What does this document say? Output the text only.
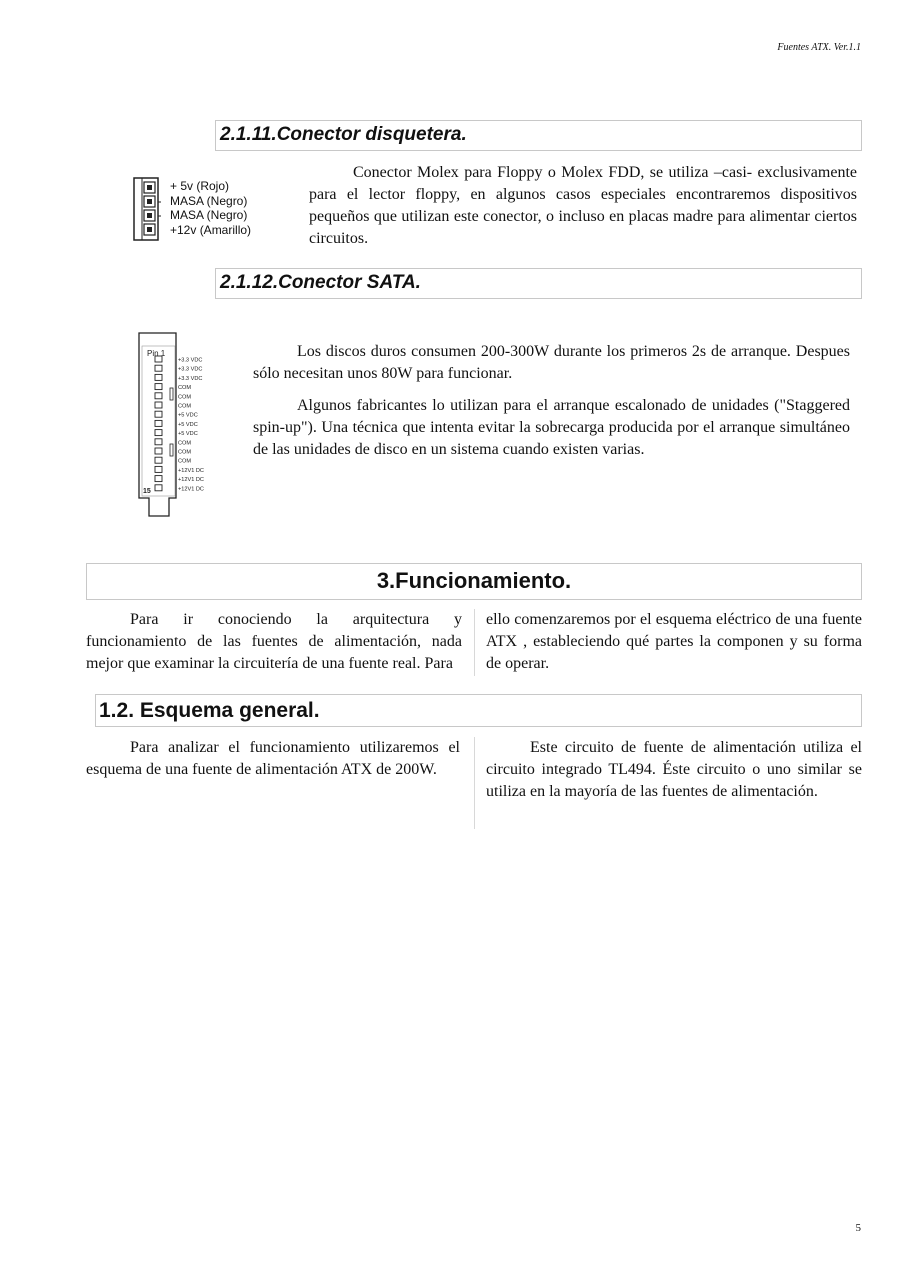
Fuentes ATX. Ver.1.1
2.1.11.Conector disquetera.
+ 5v (Rojo)
MASA (Negro)
MASA (Negro)
+12v (Amarillo)

Conector Molex para Floppy o Molex FDD, se utiliza –casi- exclusivamente para el lector floppy, en algunos casos especiales encontraremos dispositivos pequeños que utilizan este conector, o incluso en placas madre para alimentar ciertos circuitos.

2.1.12.Conector SATA.
Pin 1
15
+3.3 VDC
+3.3 VDC
+3.3 VDC
COM
COM
COM
+5 VDC
+5 VDC
+5 VDC
COM
COM
COM
+12V1 DC
+12V1 DC
+12V1 DC

Los discos duros consumen 200-300W durante los primeros 2s de arranque. Despues sólo necesitan unos 80W para funcionar.

Algunos fabricantes lo utilizan para el arranque escalonado de unidades ("Staggered spin-up"). Una técnica que intenta evitar la sobrecarga producida por el arranque simultáneo de las unidades de disco en un sistema cuando existen varias.

3.Funcionamiento.

Para ir conociendo la arquitectura y funcionamiento de las fuentes de alimentación, nada mejor que examinar la circuitería de una fuente real. Para

ello comenzaremos por el esquema eléctrico de una fuente ATX , estableciendo qué partes la componen y su forma de operar.

1.2. Esquema general.

Para analizar el funcionamiento utilizaremos el esquema de una fuente de alimentación ATX de 200W.

Este circuito de fuente de alimentación utiliza el circuito integrado TL494. Éste circuito o uno similar se utiliza en la mayoría de las fuentes de alimentación.

5
